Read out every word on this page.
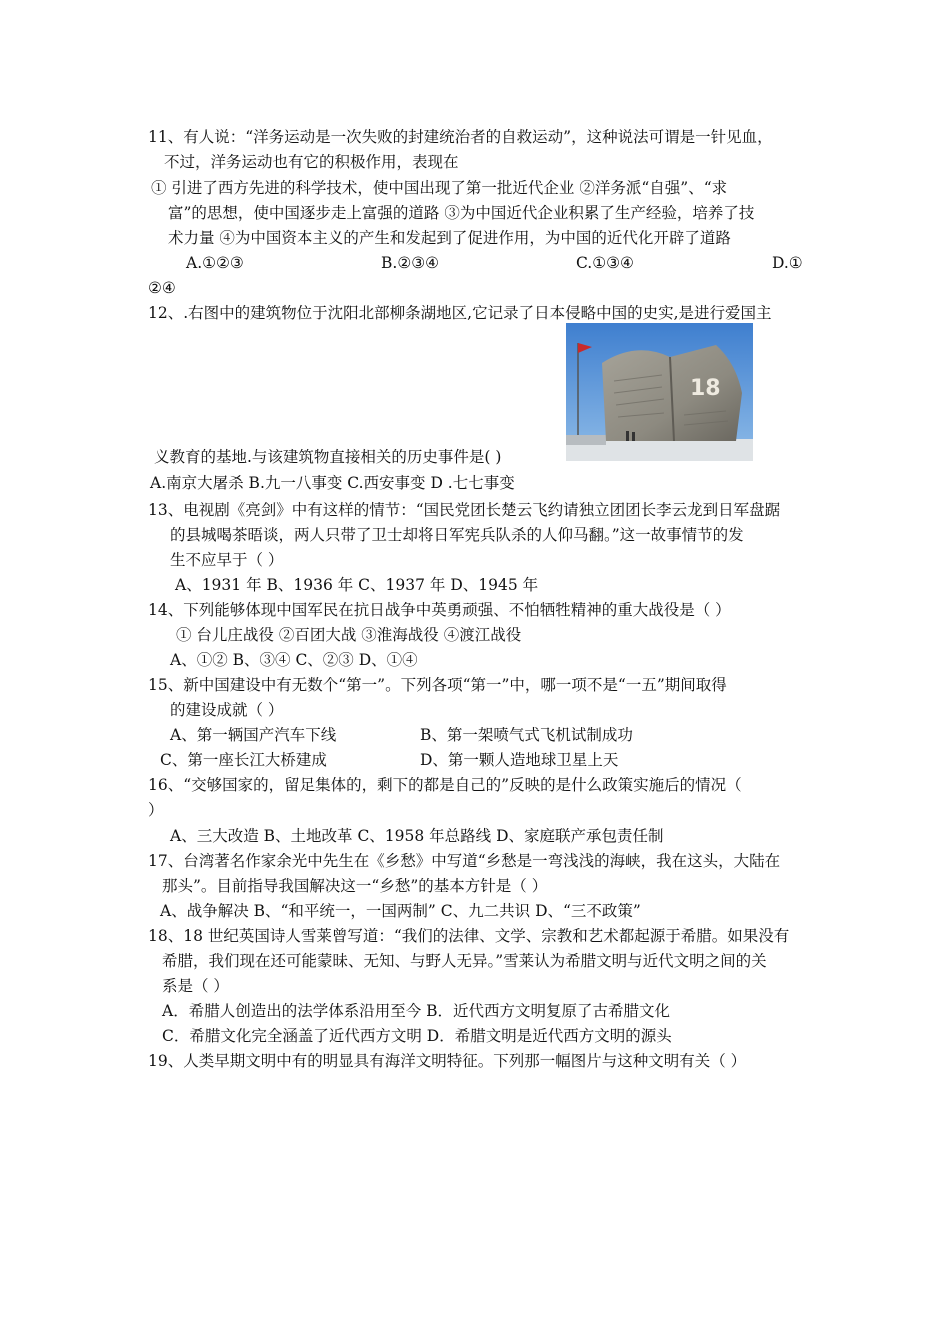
11、有人说：“洋务运动是一次失败的封建统治者的自救运动”，这种说法可谓是一针见血，
不过，洋务运动也有它的积极作用，表现在
① 引进了西方先进的科学技术，使中国出现了第一批近代企业 ②洋务派“自强”、“求
富”的思想，使中国逐步走上富强的道路 ③为中国近代企业积累了生产经验，培养了技
术力量 ④为中国资本主义的产生和发起到了促进作用，为中国的近代化开辟了道路
A.①②③	B.②③④	C.①③④	D.①
②④
12、.右图中的建筑物位于沈阳北部柳条湖地区,它记录了日本侵略中国的史实,是进行爱国主
18
义教育的基地.与该建筑物直接相关的历史事件是( )
A.南京大屠杀 B.九一八事变 C.西安事变 D .七七事变
13、电视剧《亮剑》中有这样的情节：“国民党团长楚云飞约请独立团团长李云龙到日军盘踞
的县城喝茶晤谈，两人只带了卫士却将日军宪兵队杀的人仰马翻。”这一故事情节的发
生不应早于（ ）
A、1931 年 B、1936 年 C、1937 年 D、1945 年
14、下列能够体现中国军民在抗日战争中英勇顽强、不怕牺牲精神的重大战役是（ ）
① 台儿庄战役 ②百团大战 ③淮海战役 ④渡江战役
A、①② B、③④ C、②③ D、①④
15、新中国建设中有无数个“第一”。下列各项“第一”中，哪一项不是“一五”期间取得
的建设成就（ ）
A、第一辆国产汽车下线	B、第一架喷气式飞机试制成功
C、第一座长江大桥建成	D、第一颗人造地球卫星上天
16、“交够国家的，留足集体的，剩下的都是自己的”反映的是什么政策实施后的情况（
）
A、三大改造 B、土地改革 C、1958 年总路线 D、家庭联产承包责任制
17、台湾著名作家余光中先生在《乡愁》中写道“乡愁是一弯浅浅的海峡，我在这头，大陆在
那头”。目前指导我国解决这一“乡愁”的基本方针是（ ）
A、战争解决 B、“和平统一，一国两制” C、九二共识 D、“三不政策”
18、18 世纪英国诗人雪莱曾写道：“我们的法律、文学、宗教和艺术都起源于希腊。如果没有
希腊，我们现在还可能蒙昧、无知、与野人无异。”雪莱认为希腊文明与近代文明之间的关
系是（ ）
A．希腊人创造出的法学体系沿用至今 B．近代西方文明复原了古希腊文化
C．希腊文化完全涵盖了近代西方文明 D．希腊文明是近代西方文明的源头
19、人类早期文明中有的明显具有海洋文明特征。下列那一幅图片与这种文明有关（ ）
